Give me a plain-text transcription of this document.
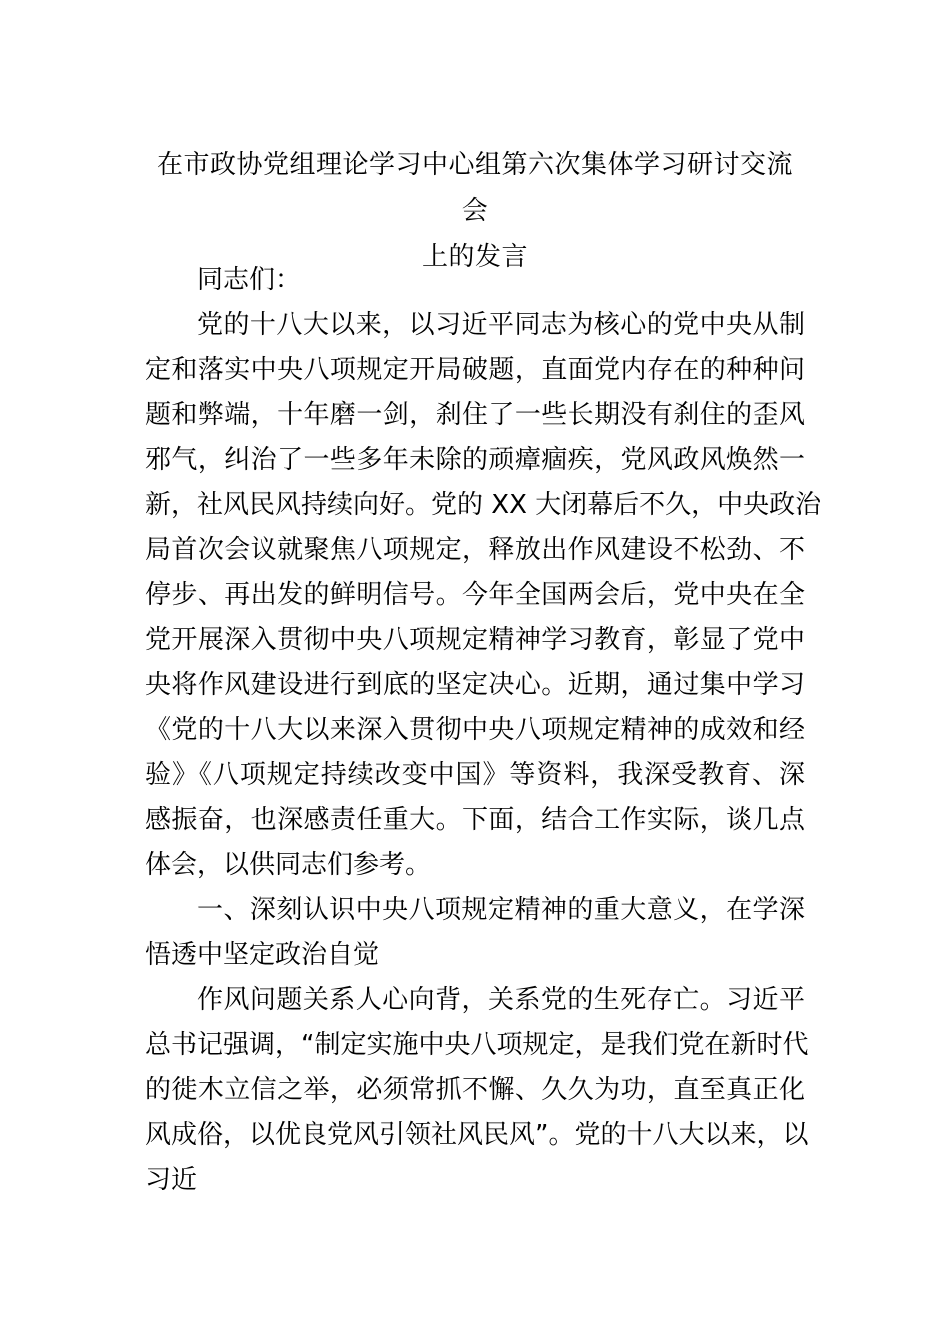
在市政协党组理论学习中心组第六次集体学习研讨交流会
上的发言
同志们：
党的十八大以来，以习近平同志为核心的党中央从制
定和落实中央八项规定开局破题，直面党内存在的种种问
题和弊端，十年磨一剑，刹住了一些长期没有刹住的歪风
邪气，纠治了一些多年未除的顽瘴痼疾，党风政风焕然一
新，社风民风持续向好。党的 XX 大闭幕后不久，中央政治
局首次会议就聚焦八项规定，释放出作风建设不松劲、不
停步、再出发的鲜明信号。今年全国两会后，党中央在全
党开展深入贯彻中央八项规定精神学习教育，彰显了党中
央将作风建设进行到底的坚定决心。近期，通过集中学习
《党的十八大以来深入贯彻中央八项规定精神的成效和经
验》《八项规定持续改变中国》等资料，我深受教育、深
感振奋，也深感责任重大。下面，结合工作实际，谈几点
体会，以供同志们参考。
一、深刻认识中央八项规定精神的重大意义，在学深
悟透中坚定政治自觉
作风问题关系人心向背，关系党的生死存亡。习近平
总书记强调，“制定实施中央八项规定，是我们党在新时代
的徙木立信之举，必须常抓不懈、久久为功，直至真正化
风成俗，以优良党风引领社风民风”。党的十八大以来，以
习近
